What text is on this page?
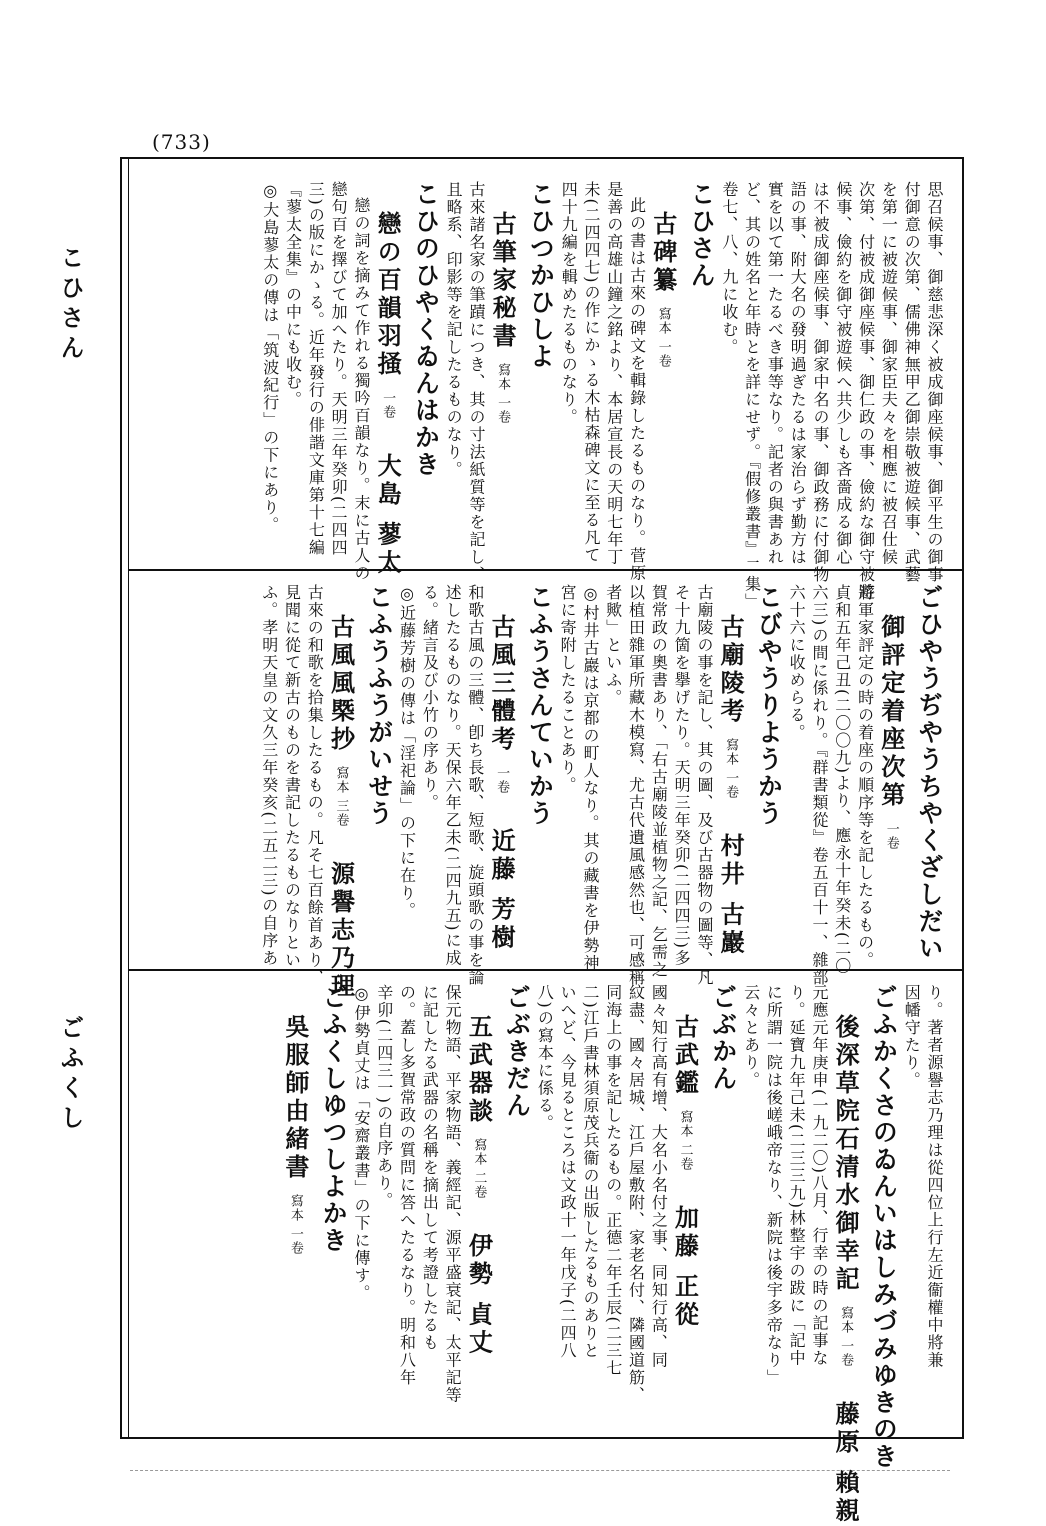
(733)
こひさん
ごふくし
思召候事、御慈悲深く被成御座候事、御平生の御事
付御意の次第、儒佛神無甲乙御崇敬被遊候事、武藝
を第一に被遊候事、御家臣夫々を相應に被召仕候
次第、付被成御座候事、御仁政の事、儉約な御守被遊
候事、儉約を御守被遊候へ共少しも吝嗇成る御心
は不被成御座候事、御家中名の事、御政務に付御物
語の事、附大名の發明過ぎたるは家治らず勤方は
實を以て第一たるべき事等なり。記者の與書あれ
ど、其の姓名と年時とを詳にせず。『假修叢書』二集」
卷七、八、九に收む。
こひさん
古碑纂寫本 一卷
此の書は古來の碑文を輯錄したるものなり。菅原
是善の高雄山鐘之銘より、本居宣長の天明七年丁
未(二四四七)の作にかゝる木枯森碑文に至る凡て
四十九編を輯めたるものなり。
こひつかひしよ
古筆家秘書寫本 一卷
古來諸名家の筆蹟につき、其の寸法紙質等を記し、
且略系、印影等を記したるものなり。
こひのひやくゐんはかき
戀の百韻羽掻一卷大島 蓼太
戀の詞を摘みて作れる獨吟百韻なり。末に古人の
戀句百を擇びて加へたり。天明三年癸卯(二四四
三)の版にかゝる。近年發行の俳諧文庫第十七編
『蓼太全集』の中にも收む。
◎大島蓼太の傳は「筑波紀行」の下にあり。
ごひやうぢやうちやくざしだい
御評定着座次第一卷
將軍家評定の時の着座の順序等を記したるもの。
貞和五年己丑(二〇〇九)より、應永十年癸未(二〇
六三)の間に係れり。『群書類從』卷五百十一、雜部
六十六に收めらる。
こびやうりようかう
古廟陵考寫本 一卷村井 古巖
古廟陵の事を記し、其の圖、及び古器物の圖等、凡
そ十九箇を擧げたり。天明三年癸卯(二四四三)多
賀常政の奧書あり、「右古廟陵並植物之記、乞需之
以植田雜軍所藏木模寫、尤古代遺風感然也、可感稱
者歟」といふ。
◎村井古巖は京都の町人なり。其の藏書を伊勢神
宮に寄附したることあり。
こふうさんていかう
古風三體考一卷近藤 芳樹
和歌古風の三體、卽ち長歌、短歌、旋頭歌の事を論
述したるものなり。天保六年乙未(二四九五)に成
る。緒言及び小竹の序あり。
◎近藤芳樹の傳は「淫祀論」の下に在り。
こふうふうがいせう
古風風槩抄寫本 三卷源譽志乃理
古來の和歌を拾集したるもの。凡そ七百餘首あり、
見聞に從て新古のものを書記したるものなりとい
ふ。孝明天皇の文久三年癸亥(二五二三)の自序あ
り。著者源譽志乃理は從四位上行左近衞權中將兼
因幡守たり。
ごふかくさのゐんいはしみづみゆきのき
後深草院石清水御幸記寫本 一卷藤原 賴親
元應元年庚申(一九二〇)八月、行幸の時の記事な
り。延寶九年己未(二三三九)林整宇の跋に「記中
に所謂一院は後嵯峨帝なり、新院は後宇多帝なり」
云々とあり。
ごぶかん
古武鑑寫本 二卷加藤 正從
國々知行高有增、大名小名付之事、同知行高、同
紋盡、國々居城、江戶屋敷附、家老名付、隣國道筋、
同海上の事を記したるもの。正德二年壬辰(二三七
二)江戶書林須原茂兵衞の出版したるものありと
いへど、今見るところは文政十一年戊子(二四八
八)の寫本に係る。
ごぶきだん
五武器談寫本 二卷伊勢 貞丈
保元物語、平家物語、義經記、源平盛衰記、太平記等
に記したる武器の名稱を摘出して考證したるも
の。蓋し多賀常政の質問に答へたるなり。明和八年
辛卯(二四三一)の自序あり。
◎伊勢貞丈は「安齋叢書」の下に傳す。
ごふくしゆつしよかき
吳服師由緒書寫本 一卷
